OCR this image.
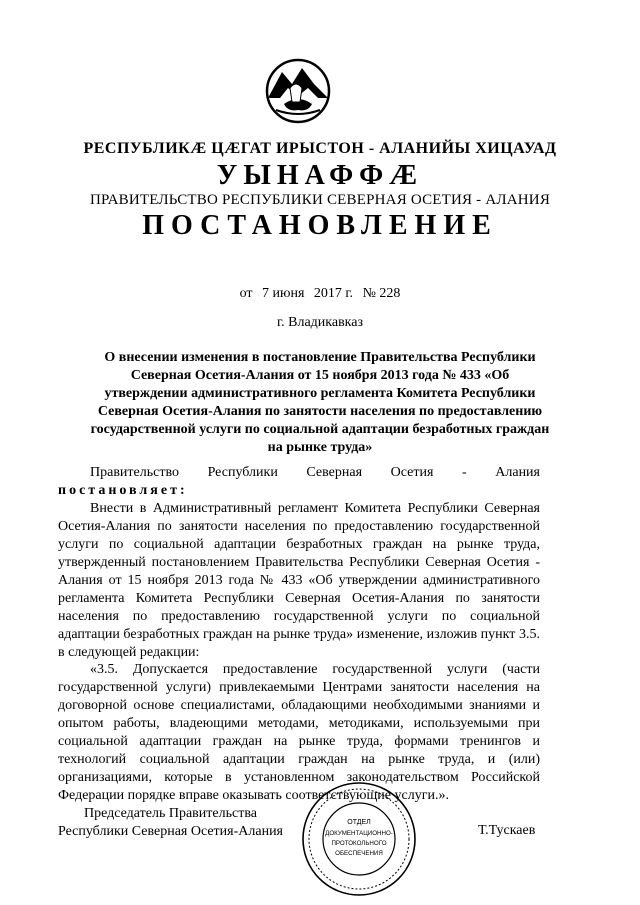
РЕСПУБЛИКӔ ЦӔГАТ ИРЫСТОН - АЛАНИЙЫ ХИЦАУАД
УЫНАФФӔ
ПРАВИТЕЛЬСТВО РЕСПУБЛИКИ СЕВЕРНАЯ ОСЕТИЯ - АЛАНИЯ
ПОСТАНОВЛЕНИЕ
от 7 июня 2017 г. № 228
г. Владикавказ
О внесении изменения в постановление Правительства Республики Северная Осетия-Алания от 15 ноября 2013 года № 433 «Об утверждении административного регламента Комитета Республики Северная Осетия-Алания по занятости населения по предоставлению государственной услуги по социальной адаптации безработных граждан на рынке труда»
Правительство Республики Северная Осетия - Алания
постановляет:
Внести в Административный регламент Комитета Республики Северная Осетия-Алания по занятости населения по предоставлению государственной услуги по социальной адаптации безработных граждан на рынке труда, утвержденный постановлением Правительства Республики Северная Осетия - Алания от 15 ноября 2013 года № 433 «Об утверждении административного регламента Комитета Республики Северная Осетия-Алания по занятости населения по предоставлению государственной услуги по социальной адаптации безработных граждан на рынке труда» изменение, изложив пункт 3.5. в следующей редакции:
«3.5. Допускается предоставление государственной услуги (части государственной услуги) привлекаемыми Центрами занятости населения на договорной основе специалистами, обладающими необходимыми знаниями и опытом работы, владеющими методами, методиками, используемыми при социальной адаптации граждан на рынке труда, формами тренингов и технологий социальной адаптации граждан на рынке труда, и (или) организациями, которые в установленном законодательством Российской Федерации порядке вправе оказывать соответствующие услуги.».
Председатель Правительства
Республики Северная Осетия-Алания	Т.Тускаев
ОТДЕЛ
ДОКУМЕНТАЦИОННО-
ПРОТОКОЛЬНОГО
ОБЕСПЕЧЕНИЯ
